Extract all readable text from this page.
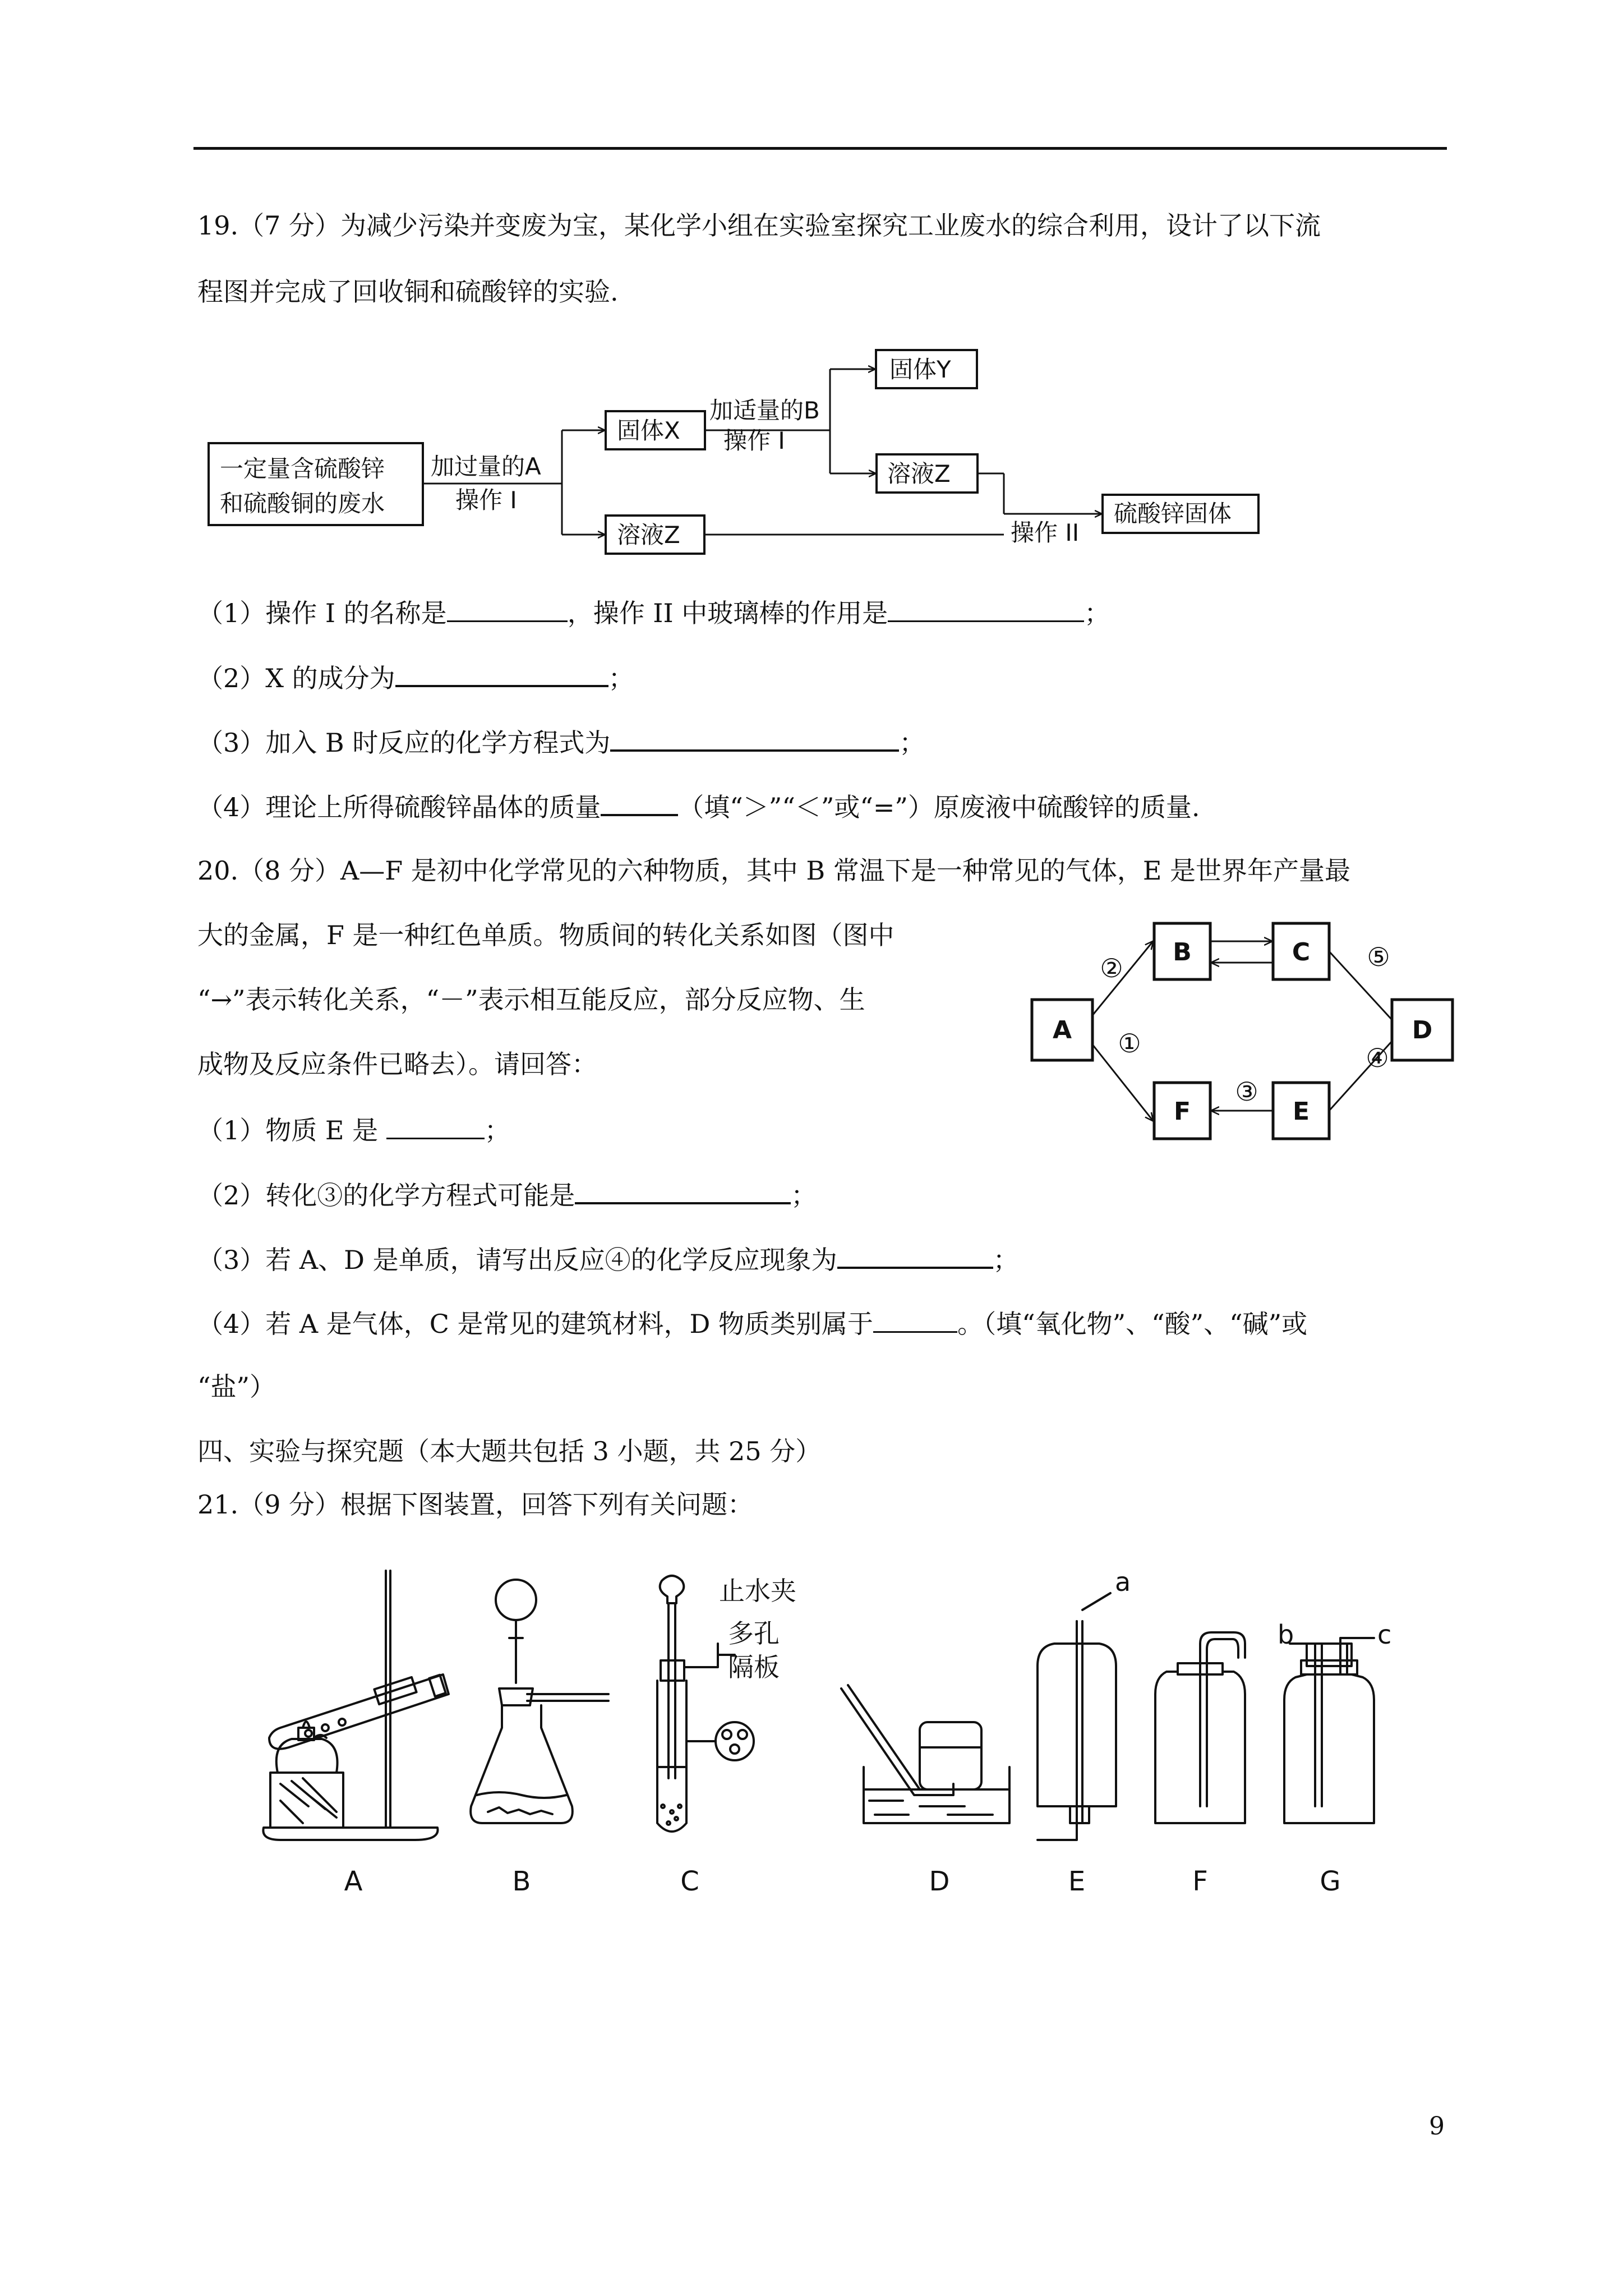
19.（7 分）为减少污染并变废为宝，某化学小组在实验室探究工业废水的综合利用，设计了以下流
程图并完成了回收铜和硫酸锌的实验.
一定量含硫酸锌
和硫酸铜的废水
加过量的A
操作 I
固体X
加适量的B
操作 I
固体Y
溶液Z
溶液Z	操作 II
硫酸锌固体
（1）操作 I 的名称是	，操作 II 中玻璃棒的作用是	；
（2）X 的成分为	；
（3）加入 B 时反应的化学方程式为	；
（4）理论上所得硫酸锌晶体的质量	（填“＞”“＜”或“=”）原废液中硫酸锌的质量.
20.（8 分）A—F 是初中化学常见的六种物质，其中 B 常温下是一种常见的气体，E 是世界年产量最
大的金属，F 是一种红色单质。物质间的转化关系如图（图中
“→”表示转化关系，“－”表示相互能反应，部分反应物、生
成物及反应条件已略去）。请回答：
A
B	C
D
E
F
②
①
③
④
⑤
（1）物质 E 是	；
（2）转化③的化学方程式可能是	；
（3）若 A、D 是单质，请写出反应④的化学反应现象为	；
（4）若 A 是气体，C 是常见的建筑材料，D 物质类别属于	。（填“氧化物”、“酸”、“碱”或
“盐”）
四、实验与探究题（本大题共包括 3 小题，共 25 分）
21.（9 分）根据下图装置，回答下列有关问题：
止水夹
多孔
隔板
a
b	c
A	B	C	D	E	F	G
9
